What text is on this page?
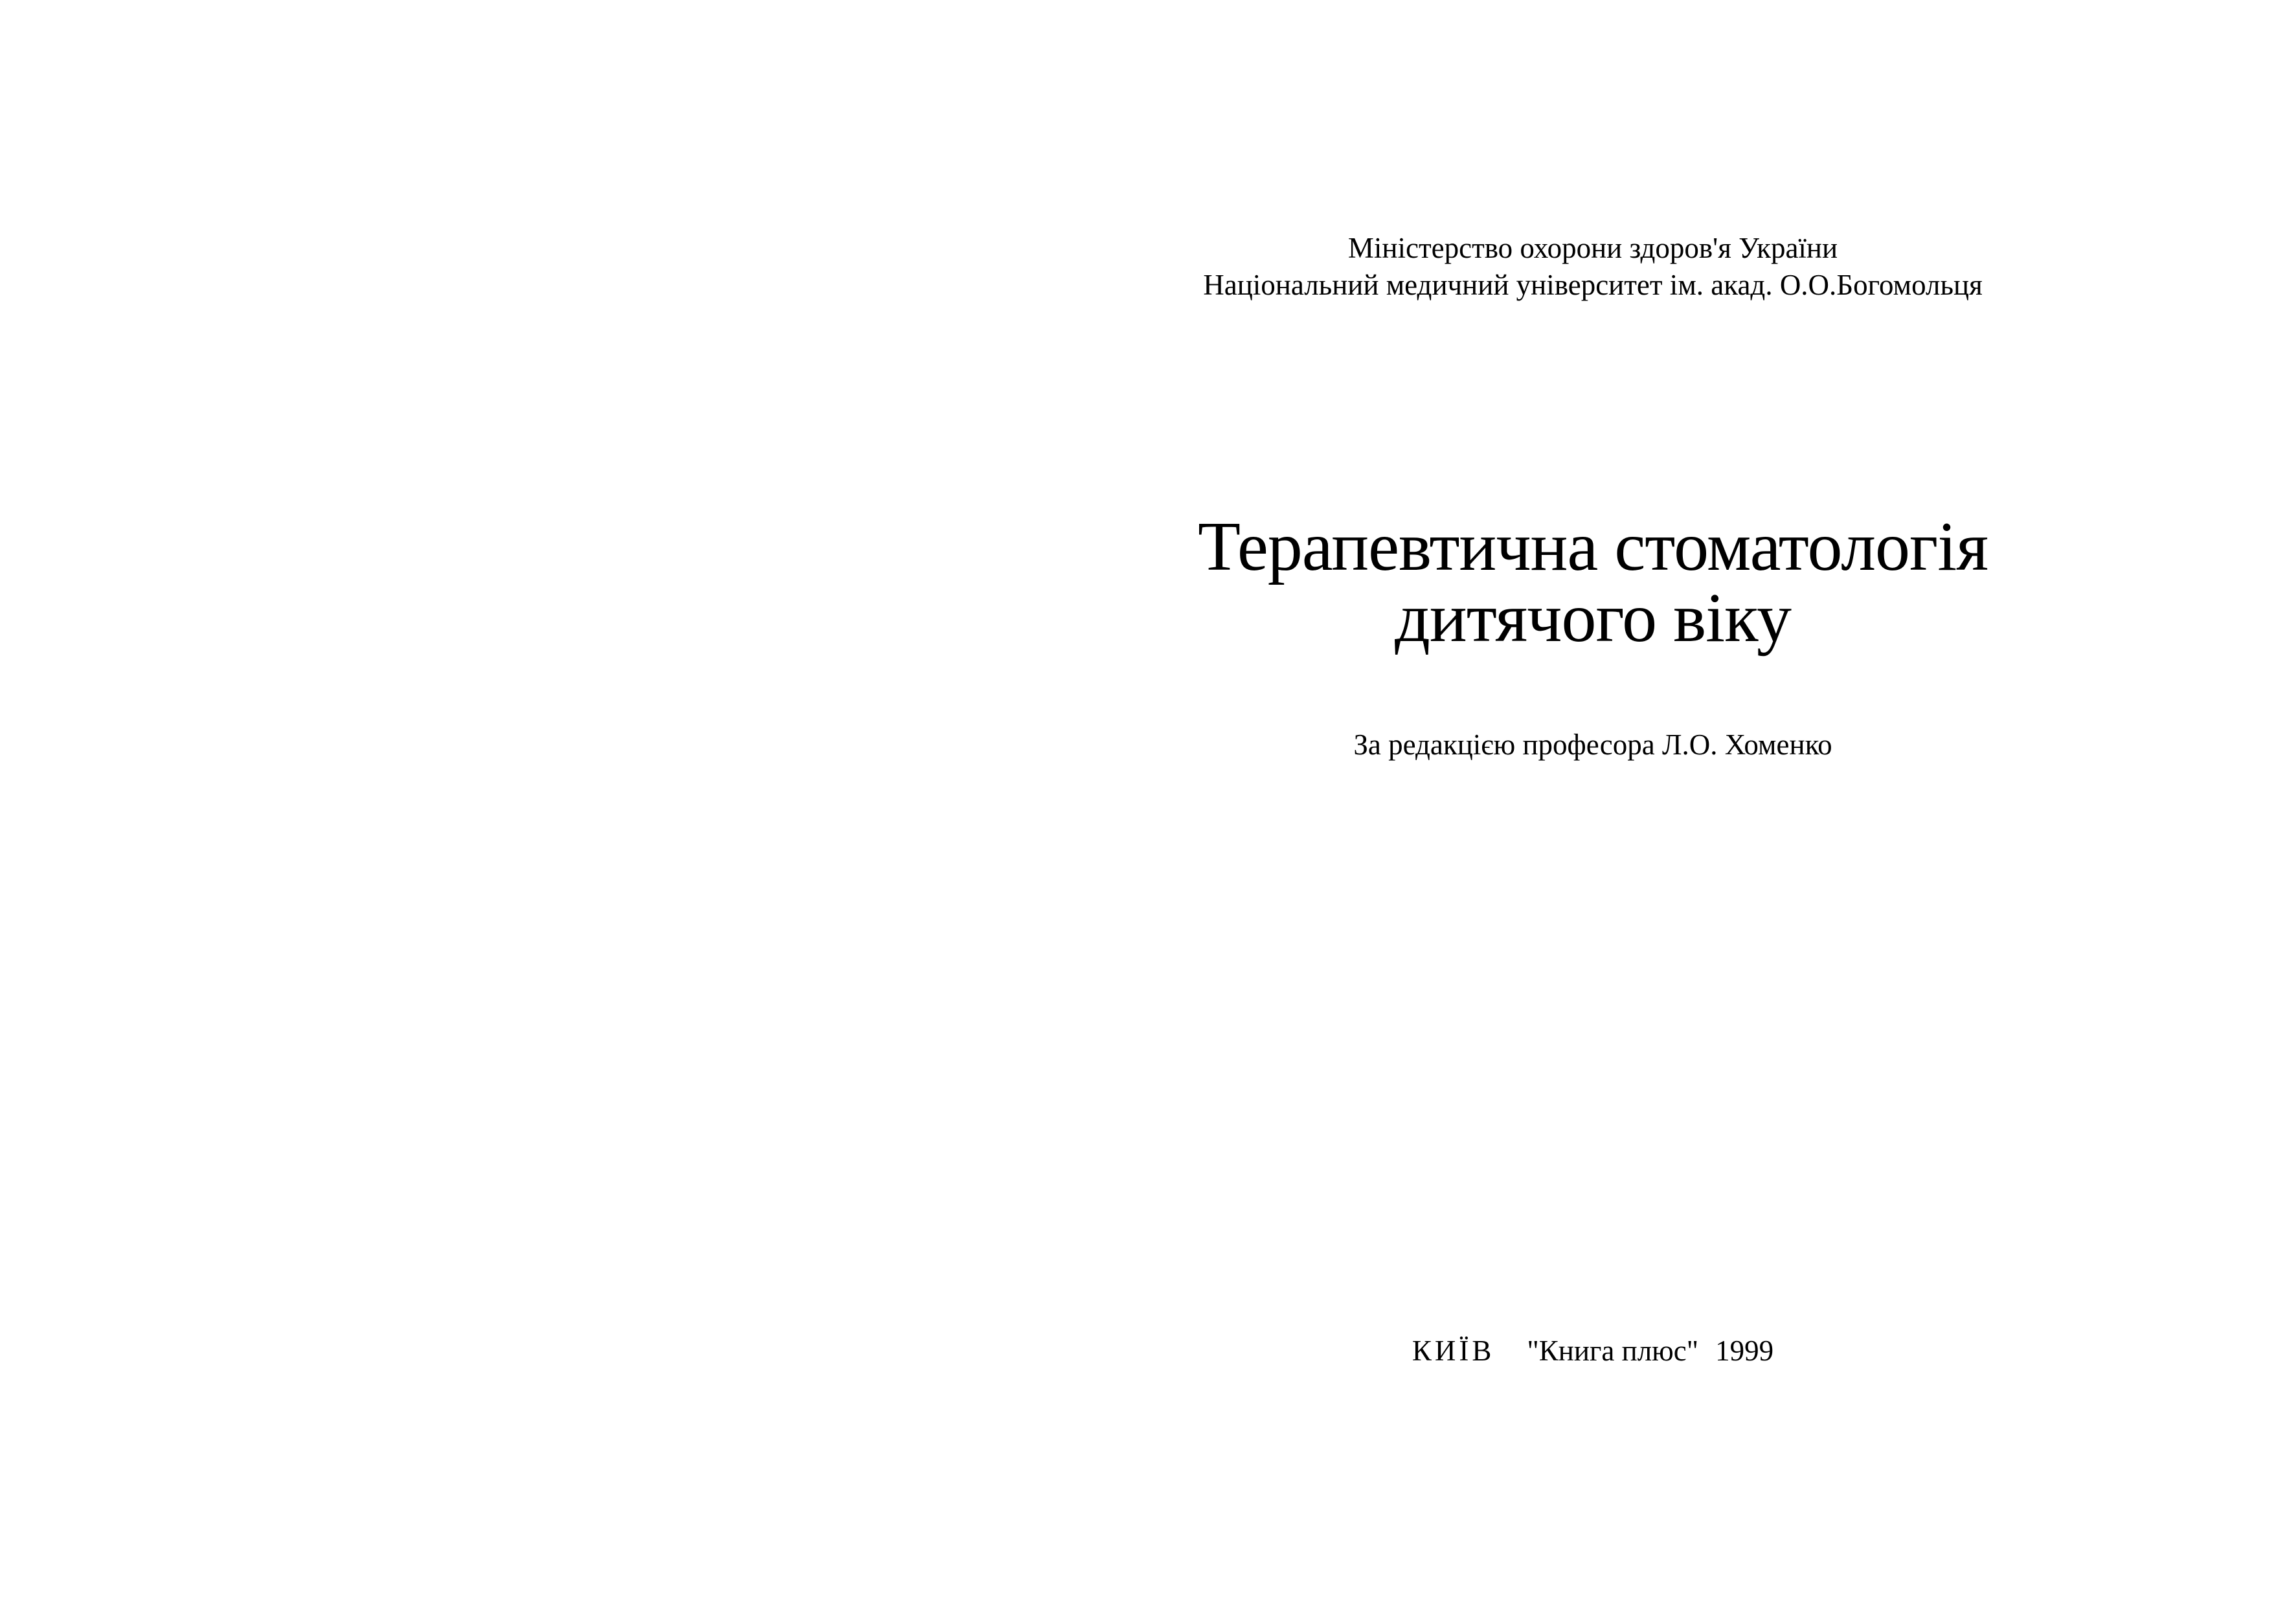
Міністерство охорони здоров'я України
Національний медичний університет ім. акад. О.О.Богомольця
Терапевтична стоматологія
дитячого віку
За редакцією професора Л.О. Хоменко
КИЇВ "Книга плюс" 1999
